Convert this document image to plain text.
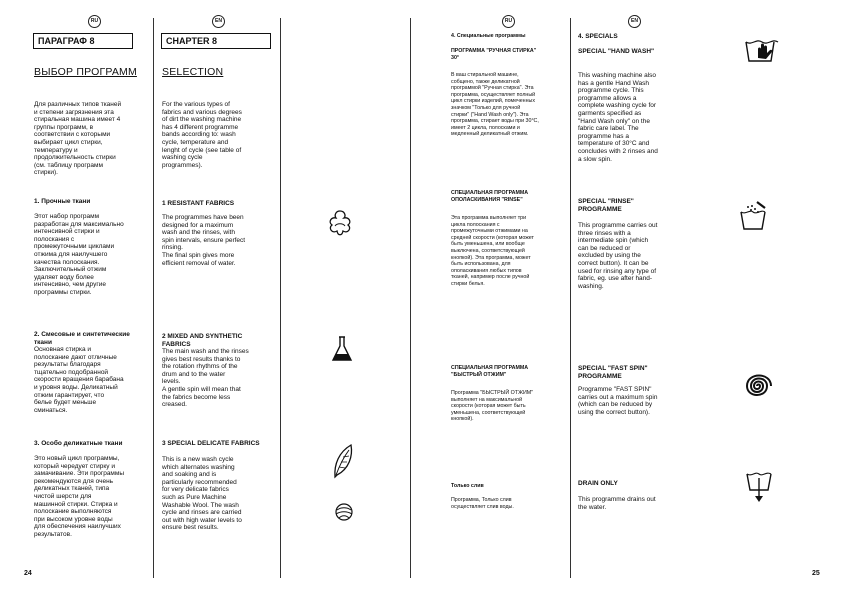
RU	EN
ПАРАГРАФ 8
ВЫБОР ПРОГРАММ
Для различных типов тканей
и степени загрязнения эта
стиральная машина имеет 4
группы программ, в
соответствии с которыми
выбирает цикл стирки,
температуру и
продолжительность стирки
(см. таблицу программ
стирки).
1. Прочные ткани
Этот набор программ
разработан для максимально
интенсивной стирки и
полоскания с
промежуточными циклами
отжима для наилучшего
качества полоскания.
Заключительный отжим
удаляет воду более
интенсивно, чем другие
программы стирки.
2. Смесовые и синтетические
ткани
Основная стирка и
полоскание дают отличные
результаты благодаря
тщательно подобранной
скорости вращения барабана
и уровня воды. Деликатный
отжим гарантирует, что
белье будет меньше
сминаться.
3. Особо деликатные ткани
Это новый цикл программы,
который чередует стирку и
замачивание. Эти программы
рекомендуются для очень
деликатных тканей, типа
чистой шерсти для
машинной стирки. Стирка и
полоскание выполняются
при высоком уровне воды
для обеспечения наилучших
результатов.
CHAPTER 8
SELECTION
For the various types of
fabrics and various degrees
of dirt the washing machine
has 4 different programme
bands according to: wash
cycle, temperature and
lenght of cycle (see table of
washing cycle
programmes).
1 RESISTANT FABRICS
The programmes have been
designed for a maximum
wash and the rinses, with
spin intervals, ensure perfect
rinsing.
The final spin gives more
efficient removal of water.
2 MIXED AND SYNTHETIC
FABRICS
The main wash and the rinses
gives best results thanks to
the rotation rhythms of the
drum and to the water
levels.
A gentle spin will mean that
the fabrics become less
creased.
3 SPECIAL DELICATE FABRICS
This is a new wash cycle
which alternates washing
and soaking and is
particularly recommended
for very delicate fabrics
such as Pure Machine
Washable Wool. The wash
cycle and rinses are carried
out with high water levels to
ensure best results.
24
RU	EN
4. Специальные программы
ПРОГРАММА "РУЧНАЯ СТИРКА"
30°
В ваш стиральной машине,
собщено, также деликатной
программой "Ручная стирка". Эта
программа, осуществляет полный
цикл стирки изделий, помеченных
значком "Только для ручной
стирки" ("Hand Wash only"). Эта
программа, стирает воды при 30°C,
имеет 2 цикла, полосками и
медленный деликатный отжим.
СПЕЦИАЛЬНАЯ ПРОГРАММА
ОПОЛАСКИВАНИЯ "RINSE"
Эта программа выполняет три
цикла полоскания с
промежуточными отжимами на
средней скорости (которая может
быть уменьшена, или вообще
выключена, соответствующей
кнопкой). Эта программа, может
быть использована, для
ополаскивания любых типов
тканей, например после ручной
стирки белья.
СПЕЦИАЛЬНАЯ ПРОГРАММА
"БЫСТРЫЙ ОТЖИМ"
Программа "БЫСТРЫЙ ОТЖИМ"
выполняет на максимальной
скорости (которая может быть
уменьшена, соответствующей
кнопкой).
Только слив
Программа, Только слив
осуществляет слив воды.
4. SPECIALS
SPECIAL "HAND WASH"
This washing machine also
has a gentle Hand Wash
programme cycle. This
programme allows a
complete washing cycle for
garments specified as
"Hand Wash only" on the
fabric care label. The
programme has a
temperature of 30°C and
concludes with 2 rinses and
a slow spin.
SPECIAL "RINSE"
PROGRAMME
This programme carries out
three rinses with a
intermediate spin (which
can be reduced or
excluded by using the
correct button). It can be
used for rinsing any type of
fabric, eg. use after hand-
washing.
SPECIAL "FAST SPIN"
PROGRAMME
Programme "FAST SPIN"
carries out a maximum spin
(which can be reduced by
using the correct button).
DRAIN ONLY
This programme drains out
the water.
25
